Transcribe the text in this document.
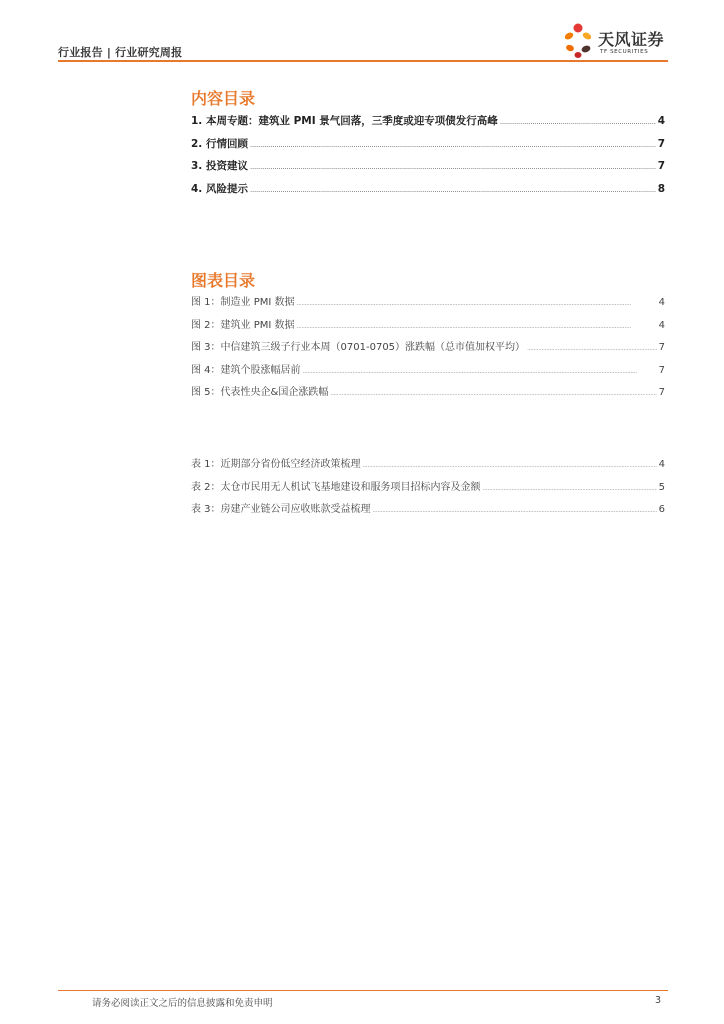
行业报告 | 行业研究周报
天风证券
TF SECURITIES
内容目录
1. 本周专题：建筑业 PMI 景气回落，三季度或迎专项债发行高峰 .....	4
2. 行情回顾 .....	7
3. 投资建议 .....	7
4. 风险提示 .....	8
图表目录
图 1：制造业 PMI 数据 .....	4
图 2：建筑业 PMI 数据 .....	4
图 3：中信建筑三级子行业本周（0701-0705）涨跌幅（总市值加权平均） .....	7
图 4：建筑个股涨幅居前 .....	7
图 5：代表性央企&国企涨跌幅 .....	7
表 1：近期部分省份低空经济政策梳理 .....	4
表 2：太仓市民用无人机试飞基地建设和服务项目招标内容及金额 .....	5
表 3：房建产业链公司应收账款受益梳理 .....	6
请务必阅读正文之后的信息披露和免责申明	3
